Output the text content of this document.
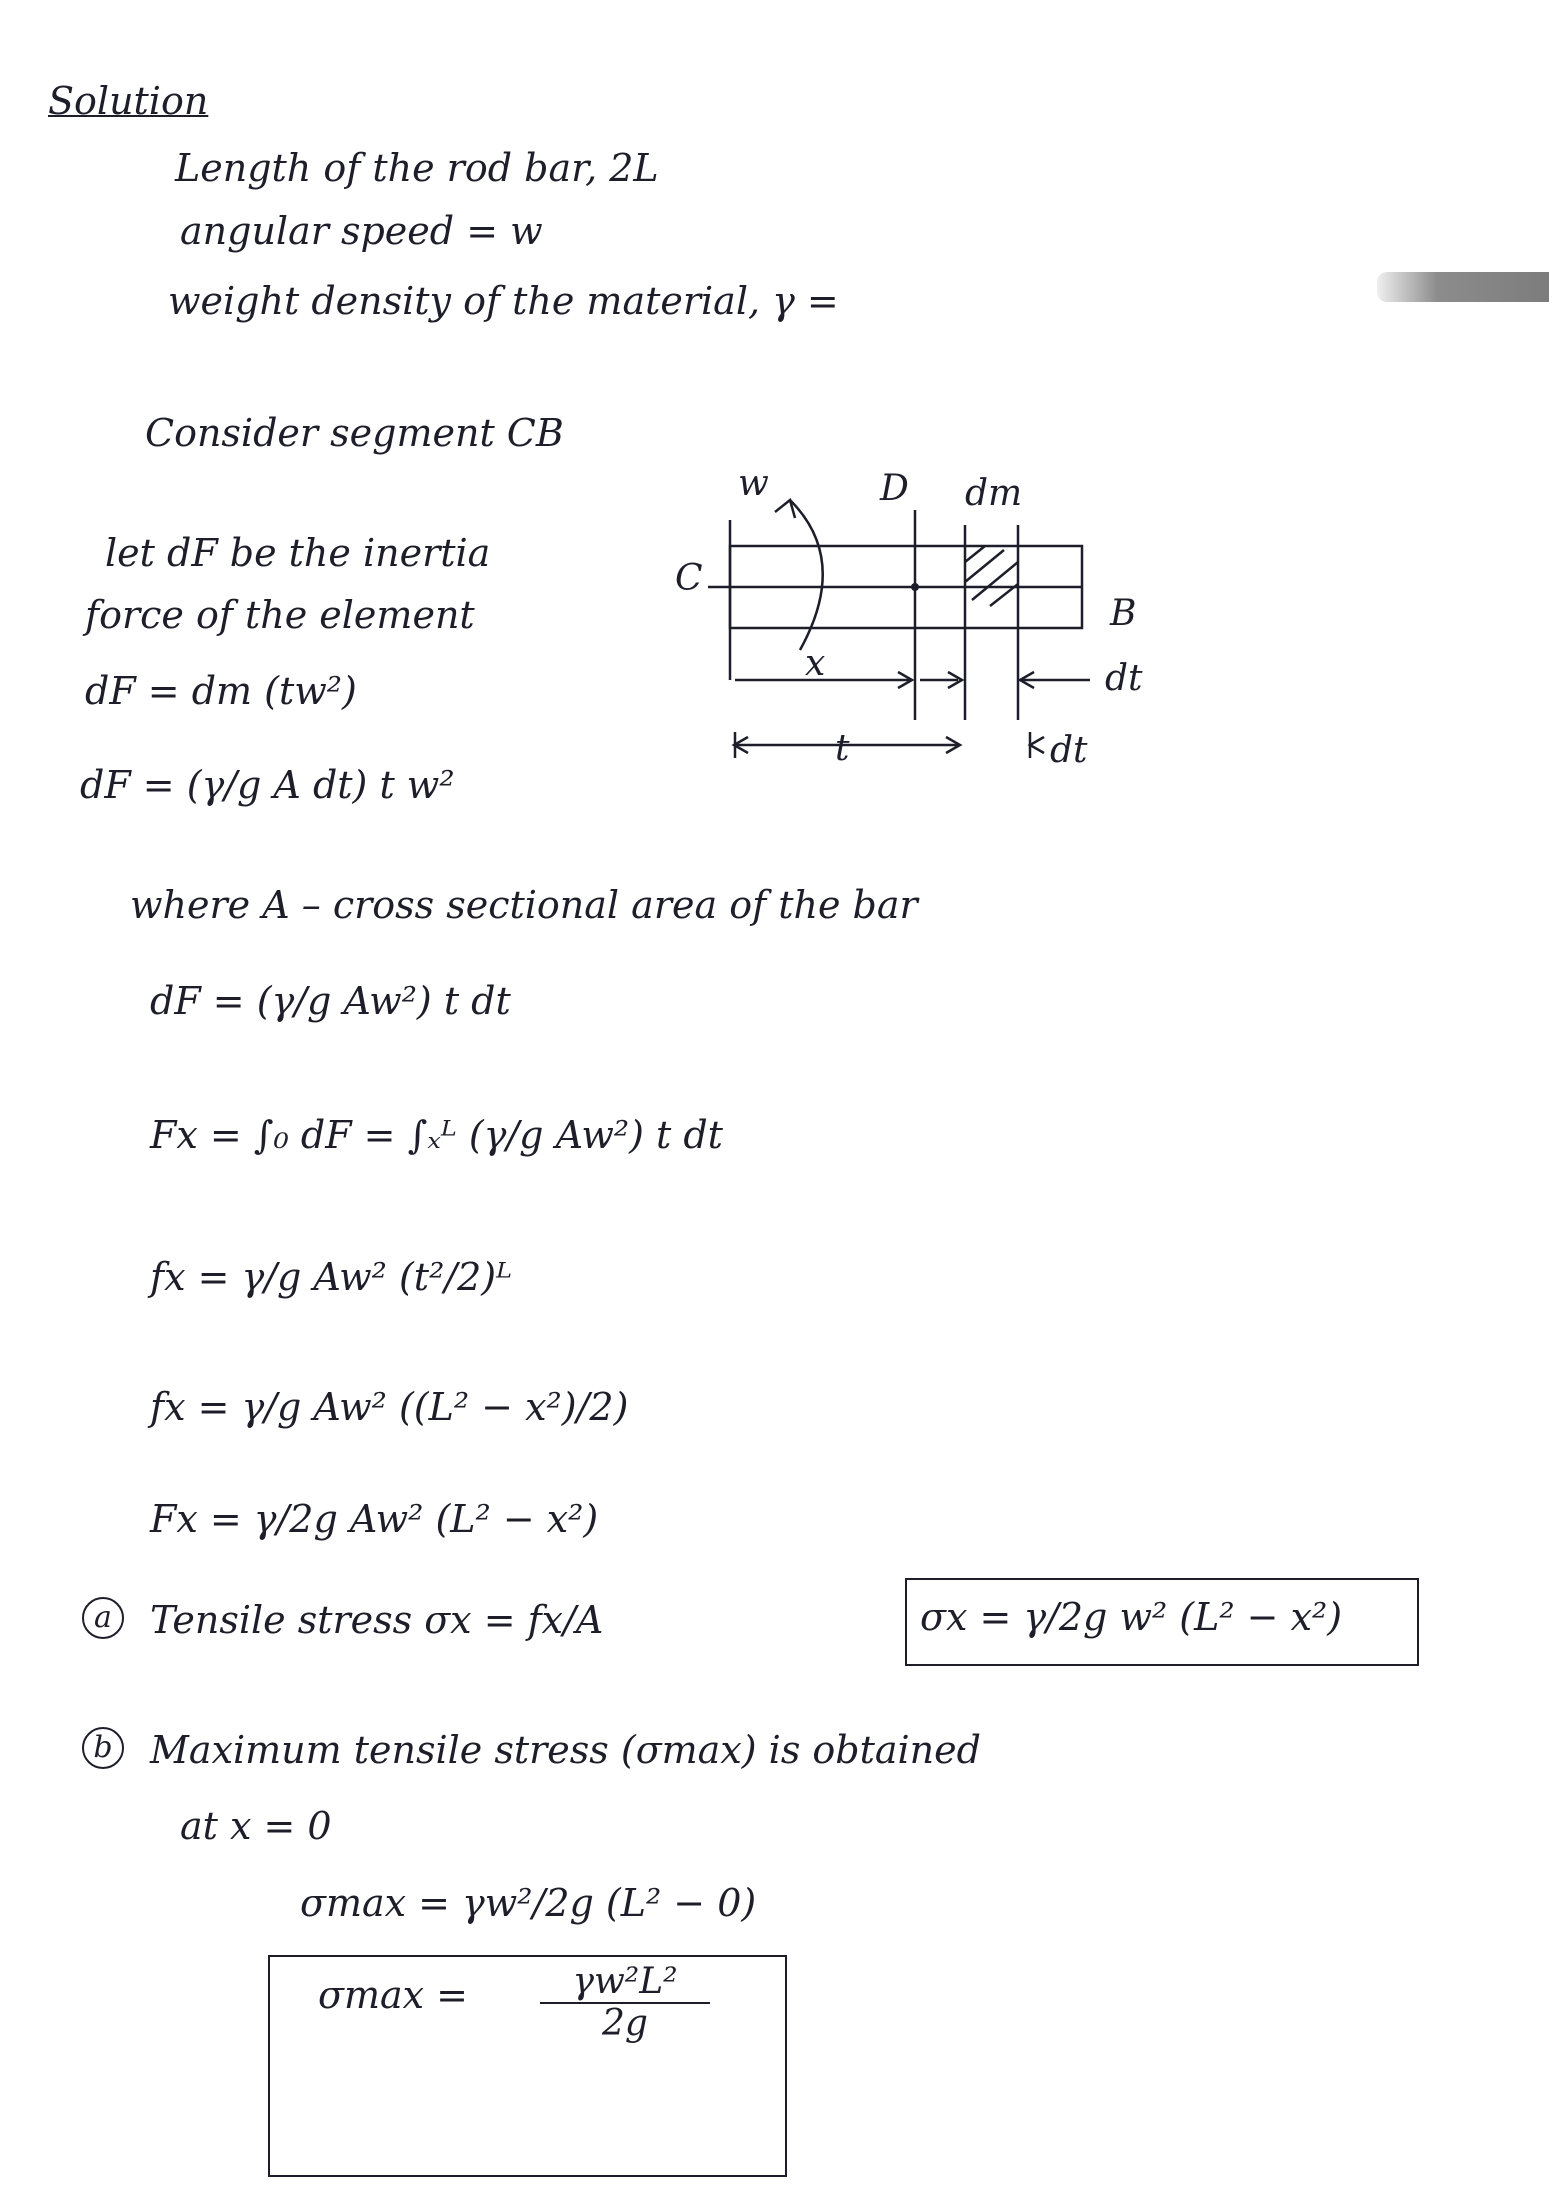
Solution
Length of the rod bar, 2L
angular speed = w
weight density of the material, γ =
Consider segment CB
let dF be the inertia
force of the element
dF = dm (tw²)
dF = (γ/g A dt) t w²
where A – cross sectional area of the bar
dF = (γ/g Aw²) t dt
Fx = ∫₀ dF = ∫ₓᴸ (γ/g Aw²) t dt
fx = γ/g Aw² (t²/2)ᴸ
fx = γ/g Aw² ((L² − x²)/2)
Fx = γ/2g Aw² (L² − x²)
a	Tensile stress σx = fx/A	σx = γ/2g w² (L² − x²)
b Maximum tensile stress (σmax) is obtained
at x = 0
σmax = γw²/2g (L² − 0)
$\sigma\max = \frac{\text{γw²L²}}{2g}$
w	D dm
C
B
dt
x
t	dt
